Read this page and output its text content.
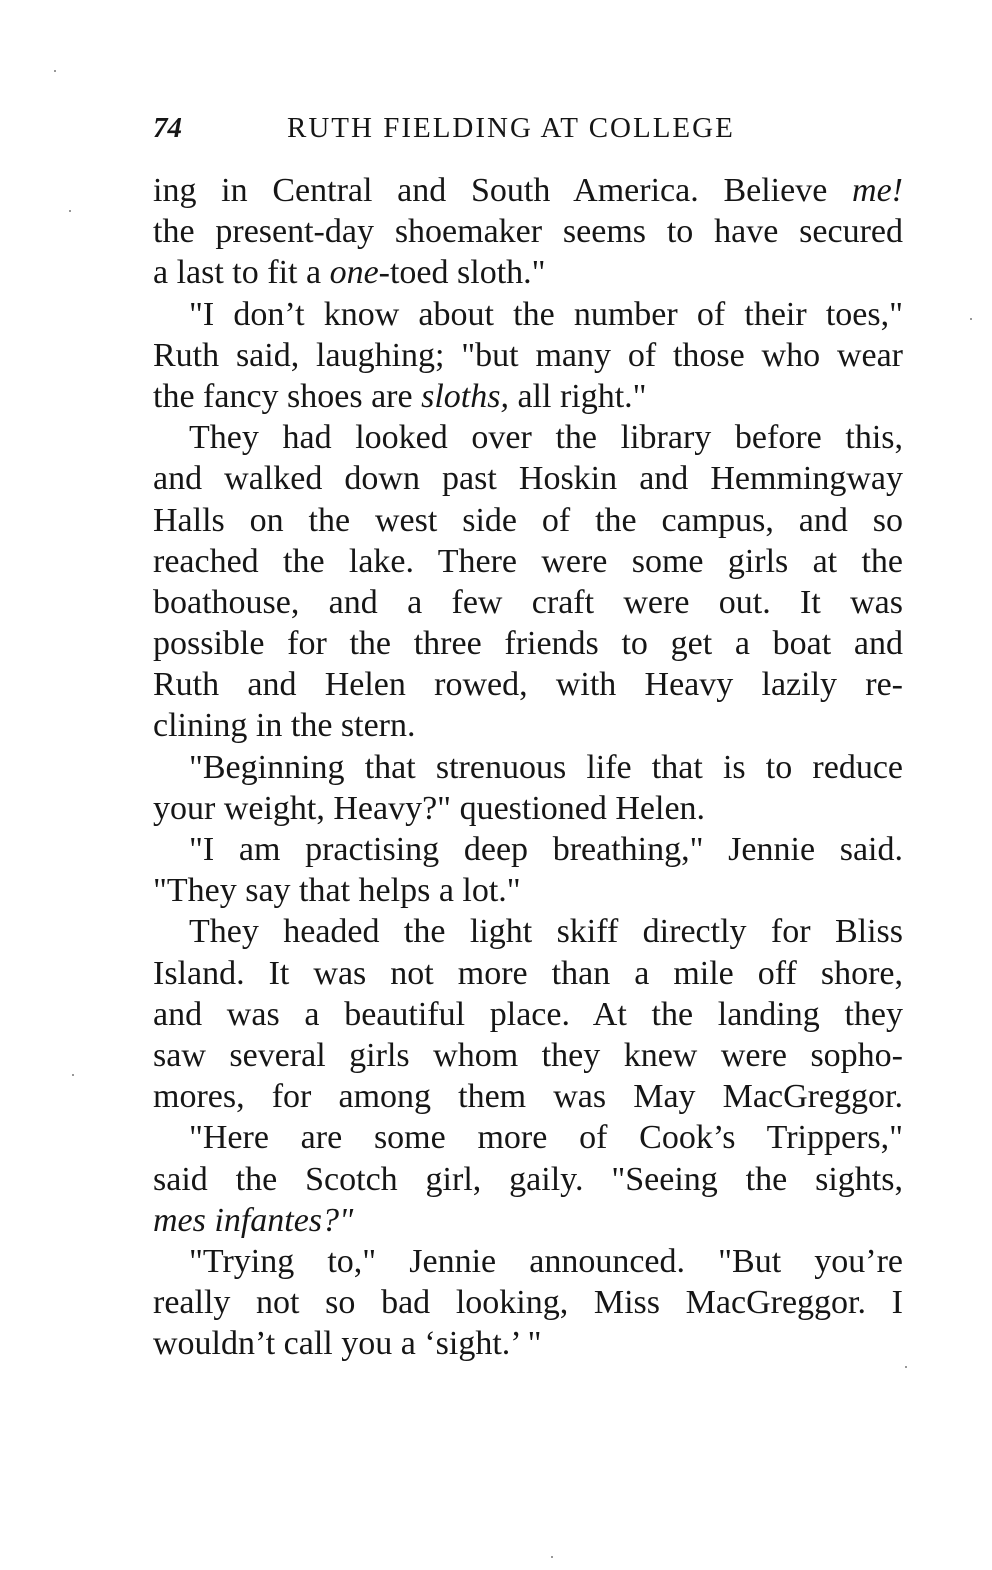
74	RUTH FIELDING AT COLLEGE
ing in Central and South America. Believe me!
the present-day shoemaker seems to have secured
a last to fit a one-toed sloth."
"I don’t know about the number of their toes,"
Ruth said, laughing; "but many of those who wear
the fancy shoes are sloths, all right."
They had looked over the library before this,
and walked down past Hoskin and Hemmingway
Halls on the west side of the campus, and so
reached the lake. There were some girls at the
boathouse, and a few craft were out. It was
possible for the three friends to get a boat and
Ruth and Helen rowed, with Heavy lazily re-
clining in the stern.
"Beginning that strenuous life that is to reduce
your weight, Heavy?" questioned Helen.
"I am practising deep breathing," Jennie said.
"They say that helps a lot."
They headed the light skiff directly for Bliss
Island. It was not more than a mile off shore,
and was a beautiful place. At the landing they
saw several girls whom they knew were sopho-
mores, for among them was May MacGreggor.
"Here are some more of Cook’s Trippers,"
said the Scotch girl, gaily. "Seeing the sights,
mes infantes?"
"Trying to," Jennie announced. "But you’re
really not so bad looking, Miss MacGreggor. I
wouldn’t call you a ‘sight.’ "
